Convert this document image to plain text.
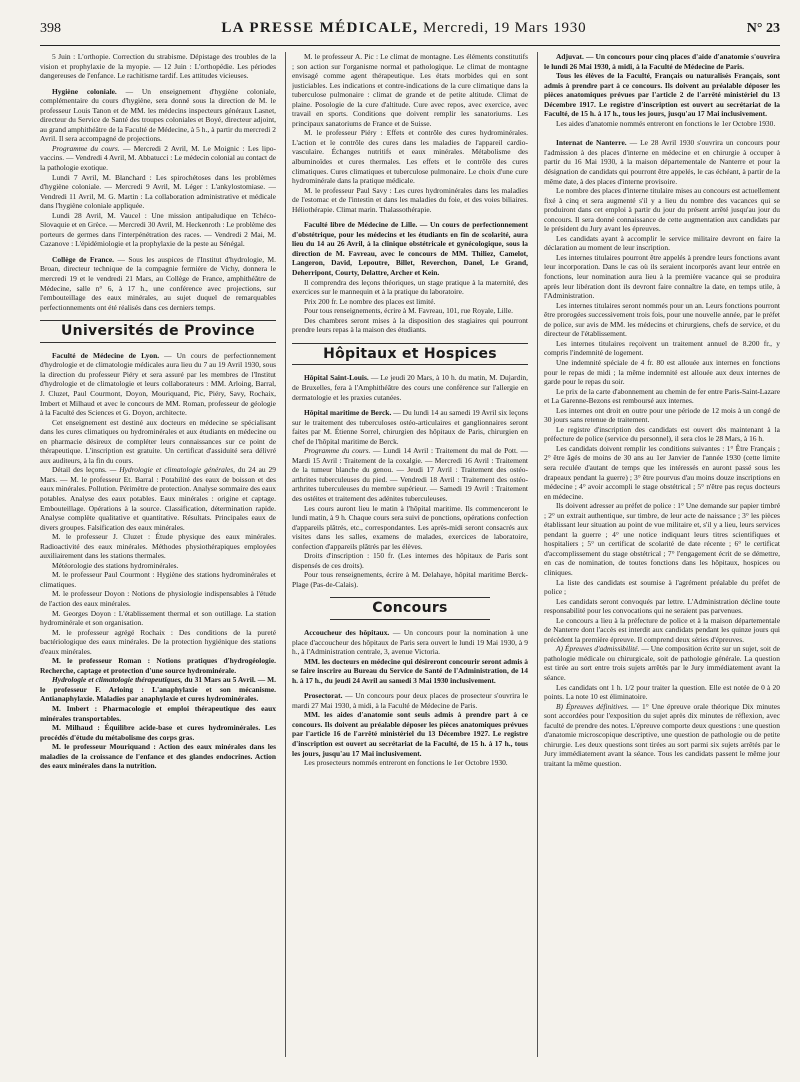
398	LA PRESSE MÉDICALE, Mercredi, 19 Mars 1930	N° 23

5 Juin : L'orthopie. Correction du strabisme. Dépistage des troubles de la vision et prophylaxie de la myopie. — 12 Juin : L'orthopédie. Les périodes dangereuses de l'enfance. Le rachitisme tardif. Les attitudes vicieuses.

Hygiène coloniale. — Un enseignement d'hygiène coloniale, complémentaire du cours d'hygiène, sera donné sous la direction de M. le professeur Louis Tanon et de MM. les médecins inspecteurs généraux Lasnet, directeur du Service de Santé des troupes coloniales et Boyé, directeur adjoint, au grand amphithéâtre de la Faculté de Médecine, à 5 h., à partir du mercredi 2 Avril. Il sera accompagné de projections.

Programme du cours. — Mercredi 2 Avril, M. Le Moignic : Les lipo-vaccins. — Vendredi 4 Avril, M. Abbatucci : Le médecin colonial au contact de la pathologie exotique.

Lundi 7 Avril, M. Blanchard : Les spirochétoses dans les problèmes d'hygiène coloniale. — Mercredi 9 Avril, M. Léger : L'ankylostomiase. — Vendredi 11 Avril, M. G. Martin : La collaboration administrative et médicale dans l'hygiène coloniale appliquée.

Lundi 28 Avril, M. Vaucel : Une mission antipaludique en Tchéco-Slovaquie et en Grèce. — Mercredi 30 Avril, M. Heckenroth : Le problème des porteurs de germes dans l'interpénétration des races. — Vendredi 2 Mai, M. Cazanove : L'épidémiologie et la prophylaxie de la peste au Sénégal.

Collège de France. — Sous les auspices de l'Institut d'hydrologie, M. Broan, directeur technique de la compagnie fermière de Vichy, donnera le mercredi 19 et le vendredi 21 Mars, au Collège de France, amphithéâtre de Médecine, salle n° 6, à 17 h., une conférence avec projections, sur l'embouteillage des eaux minérales, au sujet duquel de remarquables perfectionnements ont été réalisés dans ces derniers temps.

Universités de Province

Faculté de Médecine de Lyon. — Un cours de perfectionnement d'hydrologie et de climatologie médicales aura lieu du 7 au 19 Avril 1930, sous la direction du professeur Piéry et sera assuré par les membres de l'Institut d'hydrologie et de climatologie et leurs collaborateurs : MM. Arloing, Barral, J. Cluzet, Paul Courmont, Doyon, Mouriquand, Pic, Piéry, Savy, Rochaix, Imbert et Milhaud et avec le concours de MM. Roman, professeur de géologie à la Faculté des Sciences et G. Doyon, architecte.

Cet enseignement est destiné aux docteurs en médecine se spécialisant dans les cures climatiques ou hydrominérales et aux étudiants en médecine ou en pharmacie désireux de compléter leurs connaissances sur ce point de thérapeutique. L'inscription est gratuite. Un certificat d'assiduité sera délivré aux auditeurs, à la fin du cours.

Détail des leçons. — Hydrologie et climatologie générales, du 24 au 29 Mars. — M. le professeur Et. Barral : Potabilité des eaux de boisson et des eaux minérales. Pollution. Périmètre de protection. Analyse sommaire des eaux potables. Analyse des eaux potables. Eaux minérales : origine et captage. Embouteillage. Opérations à la source. Classification, détermination rapide. Analyse complète qualitative et quantitative. Résultats. Principales eaux de divers groupes. Falsification des eaux minérales.

M. le professeur J. Cluzet : Étude physique des eaux minérales. Radioactivité des eaux minérales. Méthodes physiothérapiques employées auxiliairement dans les stations thermales.

Météorologie des stations hydrominérales.

M. le professeur Paul Courmont : Hygiène des stations hydrominérales et climatiques.

M. le professeur Doyon : Notions de physiologie indispensables à l'étude de l'action des eaux minérales.

M. Georges Doyon : L'établissement thermal et son outillage. La station hydrominérale et son organisation.

M. le professeur agrégé Rochaix : Des conditions de la pureté bactériologique des eaux minérales. De la protection hygiénique des stations d'eaux minérales.

M. le professeur Roman : Notions pratiques d'hydrogéologie. Recherche, captage et protection d'une source hydrominérale.

Hydrologie et climatologie thérapeutiques, du 31 Mars au 5 Avril. — M. le professeur F. Arloing : L'anaphylaxie et son mécanisme. Antianaphylaxie. Maladies par anaphylaxie et cures hydrominérales.

M. Imbert : Pharmacologie et emploi thérapeutique des eaux minérales transportables.

M. Milhaud : Équilibre acide-base et cures hydrominérales. Les procédés d'étude du métabolisme des corps gras.

M. le professeur Mouriquand : Action des eaux minérales dans les maladies de la croissance de l'enfance et des glandes endocrines. Action des eaux minérales dans la nutrition.

M. le professeur A. Pic : Le climat de montagne. Les éléments constitutifs ; son action sur l'organisme normal et pathologique. Le climat de montagne envisagé comme agent thérapeutique. Les états morbides qui en sont justiciables. Les indications et contre-indications de la cure climatique dans la tuberculose pulmonaire : climat de grande et de petite altitude. Climat de plaine. Posologie de la cure d'altitude. Cure avec repos, avec exercice, avec travail en sports. Conditions que doivent remplir les sanatoriums. Les principaux sanatoriums de France et de Suisse.

M. le professeur Piéry : Effets et contrôle des cures hydrominérales. L'action et le contrôle des cures dans les maladies de l'appareil cardio-vasculaire. Échanges nutritifs et eaux minérales. Métabolisme des albuminoïdes et cures thermales. Les effets et le contrôle des cures climatiques. Cures climatiques et tuberculose pulmonaire. Le choix d'une cure hydrominérale dans la pratique médicale.

M. le professeur Paul Savy : Les cures hydrominérales dans les maladies de l'estomac et de l'intestin et dans les maladies du foie, et des voies biliaires. Héliothérapie. Climat marin. Thalassothérapie.

Faculté libre de Médecine de Lille. — Un cours de perfectionnement d'obstétrique, pour les médecins et les étudiants en fin de scolarité, aura lieu du 14 au 26 Avril, à la clinique obstétricale et gynécologique, sous la direction de M. Favreau, avec le concours de MM. Thiliez, Camelot, Langeron, David, Lepoutre, Billet, Reverchon, Danel, Le Grand, Deherripont, Courty, Delattre, Archer et Kein.

Il comprendra des leçons théoriques, un stage pratique à la maternité, des exercices sur le mannequin et à la pratique du laboratoire.

Prix 200 fr. Le nombre des places est limité.

Pour tous renseignements, écrire à M. Favreau, 101, rue Royale, Lille.

Des chambres seront mises à la disposition des stagiaires qui pourront prendre leurs repas à la maison des étudiants.

Hôpitaux et Hospices

Hôpital Saint-Louis. — Le jeudi 20 Mars, à 10 h. du matin, M. Dujardin, de Bruxelles, fera à l'Amphithéâtre des cours une conférence sur l'allergie en dermatologie et les praxies cutanées.

Hôpital maritime de Berck. — Du lundi 14 au samedi 19 Avril six leçons sur le traitement des tuberculoses ostéo-articulaires et ganglionnaires seront faites par M. Étienne Sorrel, chirurgien des hôpitaux de Paris, chirurgien en chef de l'hôpital maritime de Berck.

Programme du cours. — Lundi 14 Avril : Traitement du mal de Pott. — Mardi 15 Avril : Traitement de la coxalgie. — Mercredi 16 Avril : Traitement de la tumeur blanche du genou. — Jeudi 17 Avril : Traitement des ostéo-arthrites tuberculeuses du pied. — Vendredi 18 Avril : Traitement des ostéo-arthrites tuberculeuses du membre supérieur. — Samedi 19 Avril : Traitement des ostéites et traitement des adénites tuberculeuses.

Les cours auront lieu le matin à l'hôpital maritime. Ils commenceront le lundi matin, à 9 h. Chaque cours sera suivi de ponctions, opérations confection d'appareils plâtrés, etc., correspondantes. Les après-midi seront consacrés aux visites dans les salles, examens de malades, exercices de laboratoire, confection d'appareils plâtrés par les élèves.

Droits d'inscription : 150 fr. (Les internes des hôpitaux de Paris sont dispensés de ces droits).

Pour tous renseignements, écrire à M. Delahaye, hôpital maritime Berck-Plage (Pas-de-Calais).

Concours

Accoucheur des hôpitaux. — Un concours pour la nomination à une place d'accoucheur des hôpitaux de Paris sera ouvert le lundi 19 Mai 1930, à 9 h., à l'Administration centrale, 3, avenue Victoria.

MM. les docteurs en médecine qui désireront concourir seront admis à se faire inscrire au Bureau du Service de Santé de l'Administration, de 14 h. à 17 h., du jeudi 24 Avril au samedi 3 Mai 1930 inclusivement.

Prosectorat. — Un concours pour deux places de prosecteur s'ouvrira le mardi 27 Mai 1930, à midi, à la Faculté de Médecine de Paris.

MM. les aides d'anatomie sont seuls admis à prendre part à ce concours. Ils doivent au préalable déposer les pièces anatomiques prévues par l'article 16 de l'arrêté ministériel du 13 Décembre 1927. Le registre d'inscription est ouvert au secrétariat de la Faculté, de 15 h. à 17 h., tous les jours, jusqu'au 17 Mai inclusivement.

Les prosecteurs nommés entreront en fonctions le 1er Octobre 1930.

Adjuvat. — Un concours pour cinq places d'aide d'anatomie s'ouvrira le lundi 26 Mai 1930, à midi, à la Faculté de Médecine de Paris.

Tous les élèves de la Faculté, Français ou naturalisés Français, sont admis à prendre part à ce concours. Ils doivent au préalable déposer les pièces anatomiques prévues par l'article 2 de l'arrêté ministériel du 13 Décembre 1917. Le registre d'inscription est ouvert au secrétariat de la Faculté, de 15 h. à 17 h., tous les jours, jusqu'au 17 Mai inclusivement.

Les aides d'anatomie nommés entreront en fonctions le 1er Octobre 1930.

Internat de Nanterre. — Le 28 Avril 1930 s'ouvrira un concours pour l'admission à des places d'interne en médecine et en chirurgie à occuper à partir du 16 Mai 1930, à la maison départementale de Nanterre et pour la désignation de candidats qui pourront être appelés, le cas échéant, à partir de la même date, à des places d'interne provisoire.

Le nombre des places d'interne titulaire mises au concours est actuellement fixé à cinq et sera augmenté s'il y a lieu du nombre des vacances qui se produiront dans cet emploi à partir du jour du présent arrêté jusqu'au jour du concours. Il sera donné connaissance de cette augmentation aux candidats par le président du Jury avant les épreuves.

Les candidats ayant à accomplir le service militaire devront en faire la déclaration au moment de leur inscription.

Les internes titulaires pourront être appelés à prendre leurs fonctions avant leur incorporation. Dans le cas où ils seraient incorporés avant leur entrée en fonctions, leur nomination aura lieu à la première vacance qui se produira après leur libération dont ils devront faire connaître la date, en temps utile, à l'Administration.

Les internes titulaires seront nommés pour un an. Leurs fonctions pourront être prorogées successivement trois fois, pour une nouvelle année, par le préfet de police, sur avis de MM. les médecins et chirurgiens, chefs de service, et du directeur de l'établissement.

Les internes titulaires reçoivent un traitement annuel de 8.200 fr., y compris l'indemnité de logement.

Une indemnité spéciale de 4 fr. 80 est allouée aux internes en fonctions pour le repas de midi ; la même indemnité est allouée aux deux internes de garde pour le repas du soir.

Le prix de la carte d'abonnement au chemin de fer entre Paris-Saint-Lazare et La Garenne-Bezons est remboursé aux internes.

Les internes ont droit en outre pour une période de 12 mois à un congé de 30 jours sans retenue de traitement.

Le registre d'inscription des candidats est ouvert dès maintenant à la préfecture de police (service du personnel), il sera clos le 28 Mars, à 16 h.

Les candidats doivent remplir les conditions suivantes : 1° Être Français ; 2° être âgés de moins de 30 ans au 1er Janvier de l'année 1930 (cette limite sera reculée d'autant de temps que les intéressés en auront passé sous les drapeaux pendant la guerre) ; 3° être pourvus d'au moins douze inscriptions en médecine ; 4° avoir accompli le stage obstétrical ; 5° n'être pas reçus docteurs en médecine.

Ils doivent adresser au préfet de police : 1° Une demande sur papier timbré ; 2° un extrait authentique, sur timbre, de leur acte de naissance ; 3° les pièces établissant leur situation au point de vue militaire et, s'il y a lieu, leurs services pendant la guerre ; 4° une notice indiquant leurs titres scientifiques et hospitaliers ; 5° un certificat de scolarité de date récente ; 6° le certificat d'accomplissement du stage obstétrical ; 7° l'engagement écrit de se démettre, en cas de nomination, de toutes fonctions dans les hôpitaux, hospices ou cliniques.

La liste des candidats est soumise à l'agrément préalable du préfet de police ;

Les candidats seront convoqués par lettre. L'Administration décline toute responsabilité pour les convocations qui ne seraient pas parvenues.

Le concours a lieu à la préfecture de police et à la maison départementale de Nanterre dont l'accès est interdit aux candidats pendant les quinze jours qui précèdent la première épreuve. Il comprend deux séries d'épreuves.

A) Épreuves d'admissibilité. — Une composition écrite sur un sujet, soit de pathologie médicale ou chirurgicale, soit de pathologie générale. La question est tirée au sort entre trois sujets arrêtés par le Jury immédiatement avant la séance.

Les candidats ont 1 h. 1/2 pour traiter la question. Elle est notée de 0 à 20 points. La note 10 est éliminatoire.

B) Épreuves définitives. — 1° Une épreuve orale théorique Dix minutes sont accordées pour l'exposition du sujet après dix minutes de réflexion, avec faculté de prendre des notes. L'épreuve comporte deux questions : une question d'anatomie microscopique descriptive, une question de pathologie ou de petite chirurgie. Les deux questions sont tirées au sort parmi six sujets arrêtés par le Jury immédiatement avant la séance. Tous les candidats passent le même jour traitant la même question.
